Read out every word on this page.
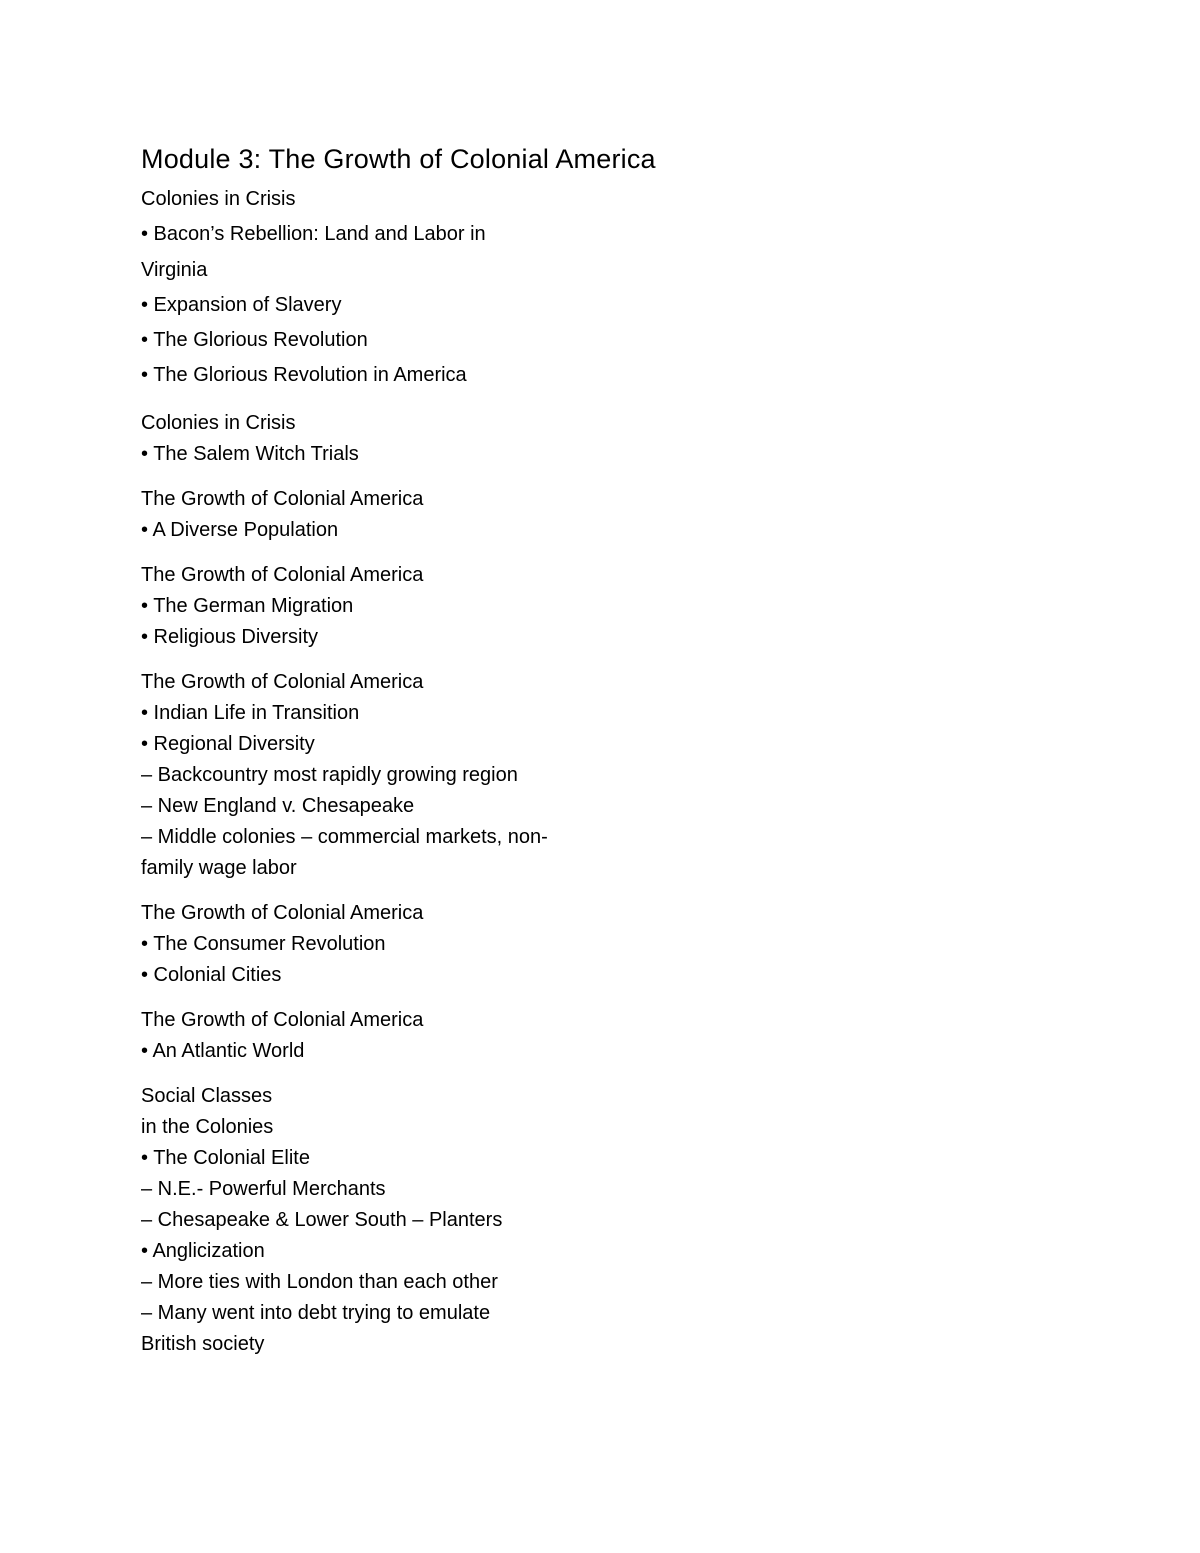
Module 3: The Growth of Colonial America
Colonies in Crisis
• Bacon’s Rebellion: Land and Labor in
Virginia
• Expansion of Slavery
• The Glorious Revolution
• The Glorious Revolution in America
Colonies in Crisis
• The Salem Witch Trials
The Growth of Colonial America
• A Diverse Population
The Growth of Colonial America
• The German Migration
• Religious Diversity
The Growth of Colonial America
• Indian Life in Transition
• Regional Diversity
– Backcountry most rapidly growing region
– New England v. Chesapeake
– Middle colonies – commercial markets, non-
family wage labor
The Growth of Colonial America
• The Consumer Revolution
• Colonial Cities
The Growth of Colonial America
• An Atlantic World
Social Classes
in the Colonies
• The Colonial Elite
– N.E.- Powerful Merchants
– Chesapeake & Lower South – Planters
• Anglicization
– More ties with London than each other
– Many went into debt trying to emulate
British society
